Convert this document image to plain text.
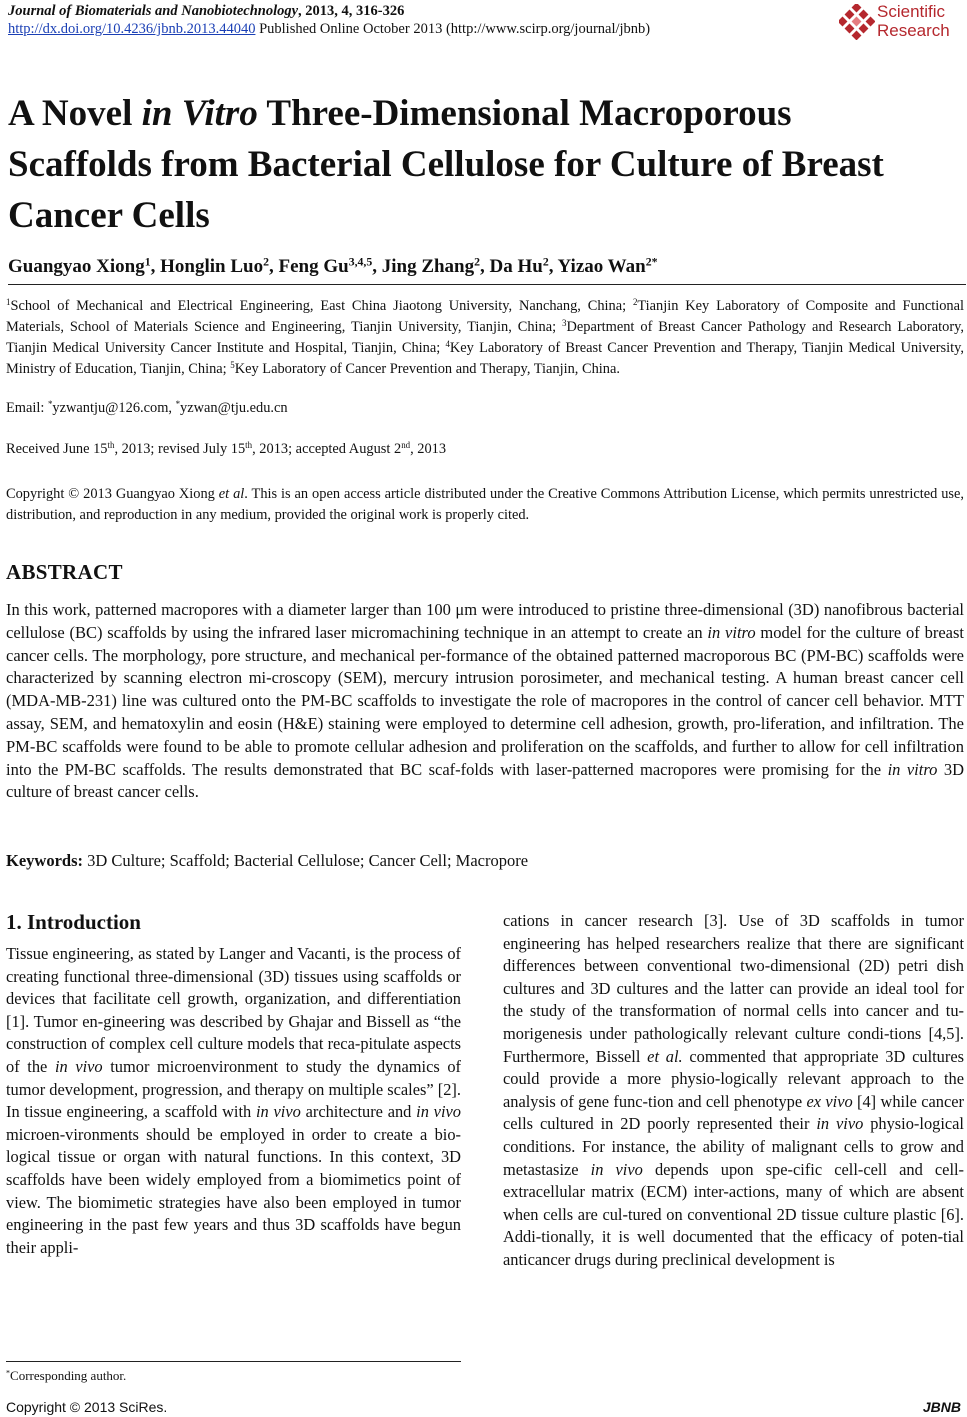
Journal of Biomaterials and Nanobiotechnology, 2013, 4, 316-326
http://dx.doi.org/10.4236/jbnb.2013.44040 Published Online October 2013 (http://www.scirp.org/journal/jbnb)
Scientific
Research
A Novel in Vitro Three-Dimensional Macroporous Scaffolds from Bacterial Cellulose for Culture of Breast Cancer Cells
Guangyao Xiong$^1$, Honglin Luo$^2$, Feng Gu$^{3,4,5}$, Jing Zhang$^2$, Da Hu$^2$, Yizao Wan$^{2*}$
$^1$School of Mechanical and Electrical Engineering, East China Jiaotong University, Nanchang, China; $^2$Tianjin Key Laboratory of Composite and Functional Materials, School of Materials Science and Engineering, Tianjin University, Tianjin, China; $^3$Department of Breast Cancer Pathology and Research Laboratory, Tianjin Medical University Cancer Institute and Hospital, Tianjin, China; $^4$Key Laboratory of Breast Cancer Prevention and Therapy, Tianjin Medical University, Ministry of Education, Tianjin, China; $^5$Key Laboratory of Cancer Prevention and Therapy, Tianjin, China.
Email: *yzwantju@126.com, *yzwan@tju.edu.cn
Received June 15th, 2013; revised July 15th, 2013; accepted August 2nd, 2013
Copyright © 2013 Guangyao Xiong et al. This is an open access article distributed under the Creative Commons Attribution License, which permits unrestricted use, distribution, and reproduction in any medium, provided the original work is properly cited.
ABSTRACT
In this work, patterned macropores with a diameter larger than 100 μm were introduced to pristine three-dimensional (3D) nanofibrous bacterial cellulose (BC) scaffolds by using the infrared laser micromachining technique in an attempt to create an in vitro model for the culture of breast cancer cells. The morphology, pore structure, and mechanical per-formance of the obtained patterned macroporous BC (PM-BC) scaffolds were characterized by scanning electron mi-croscopy (SEM), mercury intrusion porosimeter, and mechanical testing. A human breast cancer cell (MDA-MB-231) line was cultured onto the PM-BC scaffolds to investigate the role of macropores in the control of cancer cell behavior. MTT assay, SEM, and hematoxylin and eosin (H&E) staining were employed to determine cell adhesion, growth, pro-liferation, and infiltration. The PM-BC scaffolds were found to be able to promote cellular adhesion and proliferation on the scaffolds, and further to allow for cell infiltration into the PM-BC scaffolds. The results demonstrated that BC scaf-folds with laser-patterned macropores were promising for the in vitro 3D culture of breast cancer cells.
Keywords: 3D Culture; Scaffold; Bacterial Cellulose; Cancer Cell; Macropore
1. Introduction
Tissue engineering, as stated by Langer and Vacanti, is the process of creating functional three-dimensional (3D) tissues using scaffolds or devices that facilitate cell growth, organization, and differentiation [1]. Tumor en-gineering was described by Ghajar and Bissell as “the construction of complex cell culture models that reca-pitulate aspects of the in vivo tumor microenvironment to study the dynamics of tumor development, progression, and therapy on multiple scales” [2]. In tissue engineering, a scaffold with in vivo architecture and in vivo microen-vironments should be employed in order to create a bio-logical tissue or organ with natural functions. In this context, 3D scaffolds have been widely employed from a biomimetics point of view. The biomimetic strategies have also been employed in tumor engineering in the past few years and thus 3D scaffolds have begun their appli-
cations in cancer research [3]. Use of 3D scaffolds in tumor engineering has helped researchers realize that there are significant differences between conventional two-dimensional (2D) petri dish cultures and 3D cultures and the latter can provide an ideal tool for the study of the transformation of normal cells into cancer and tu-morigenesis under pathologically relevant culture condi-tions [4,5]. Furthermore, Bissell et al. commented that appropriate 3D cultures could provide a more physio-logically relevant approach to the analysis of gene func-tion and cell phenotype ex vivo [4] while cancer cells cultured in 2D poorly represented their in vivo physio-logical conditions. For instance, the ability of malignant cells to grow and metastasize in vivo depends upon spe-cific cell-cell and cell-extracellular matrix (ECM) inter-actions, many of which are absent when cells are cul-tured on conventional 2D tissue culture plastic [6]. Addi-tionally, it is well documented that the efficacy of poten-tial anticancer drugs during preclinical development is
*Corresponding author.
Copyright © 2013 SciRes.	JBNB
